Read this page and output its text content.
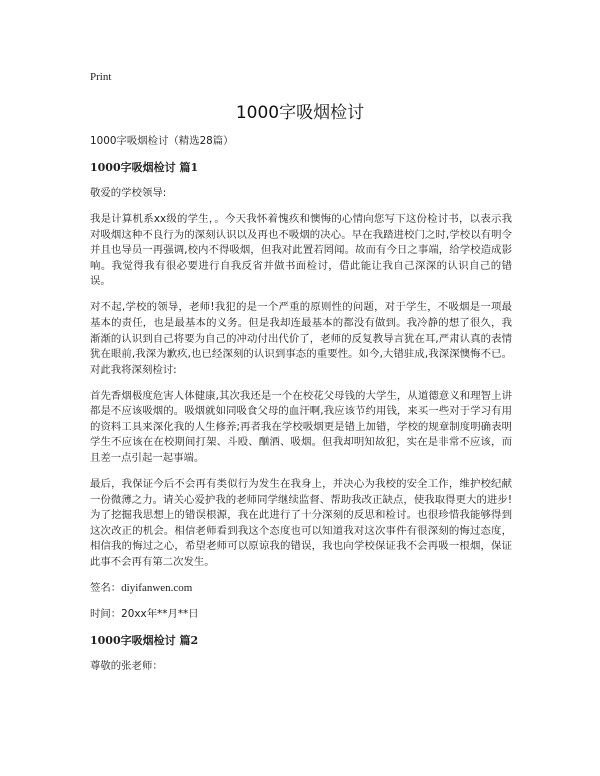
Print
1000字吸烟检讨

1000字吸烟检讨（精选28篇）

1000字吸烟检讨 篇1

敬爱的学校领导:

我是计算机系xx级的学生，。今天我怀着愧疚和懊悔的心情向您写下这份检讨书，以表示我对吸烟这种不良行为的深刻认识以及再也不吸烟的决心。早在我踏进校门之时,学校以有明令并且也导员一再强调,校内不得吸烟，但我对此置若罔闻。故而有今日之事端，给学校造成影响。我觉得我有很必要进行自我反省并做书面检讨，借此能让我自己深深的认识自己的错误。

对不起,学校的领导，老师!我犯的是一个严重的原则性的问题，对于学生，不吸烟是一项最基本的责任，也是最基本的义务。但是我却连最基本的都没有做到。我冷静的想了很久，我渐渐的认识到自己将要为自己的冲动付出代价了，老师的反复教导言犹在耳,严肃认真的表情犹在眼前,我深为歉疚,也已经深刻的认识到事态的重要性。如今,大错驻成,我深深懊悔不已。对此我将深刻检讨:

首先香烟极度危害人体健康,其次我还是一个在校花父母钱的大学生，从道德意义和理智上讲都是不应该吸烟的。吸烟就如同吸食父母的血汗啊,我应该节约用钱，来买一些对于学习有用的资料工具来深化我的人生修养;再者我在学校吸烟更是错上加错，学校的规章制度明确表明学生不应该在在校期间打架、斗殴、酗酒、吸烟。但我却明知故犯，实在是非常不应该，而且差一点引起一起事端。

最后，我保证今后不会再有类似行为发生在我身上，并决心为我校的安全工作，维护校纪献一份微薄之力。请关心爱护我的老师同学继续监督、帮助我改正缺点，使我取得更大的进步!为了挖掘我思想上的错误根源，我在此进行了十分深刻的反思和检讨。也很珍惜我能够得到这次改正的机会。相信老师看到我这个态度也可以知道我对这次事件有很深刻的悔过态度，相信我的悔过之心，希望老师可以原谅我的错误，我也向学校保证我不会再吸一根烟，保证此事不会再有第二次发生。

签名：diyifanwen.com

时间：20xx年**月**日

1000字吸烟检讨 篇2

尊敬的张老师：
